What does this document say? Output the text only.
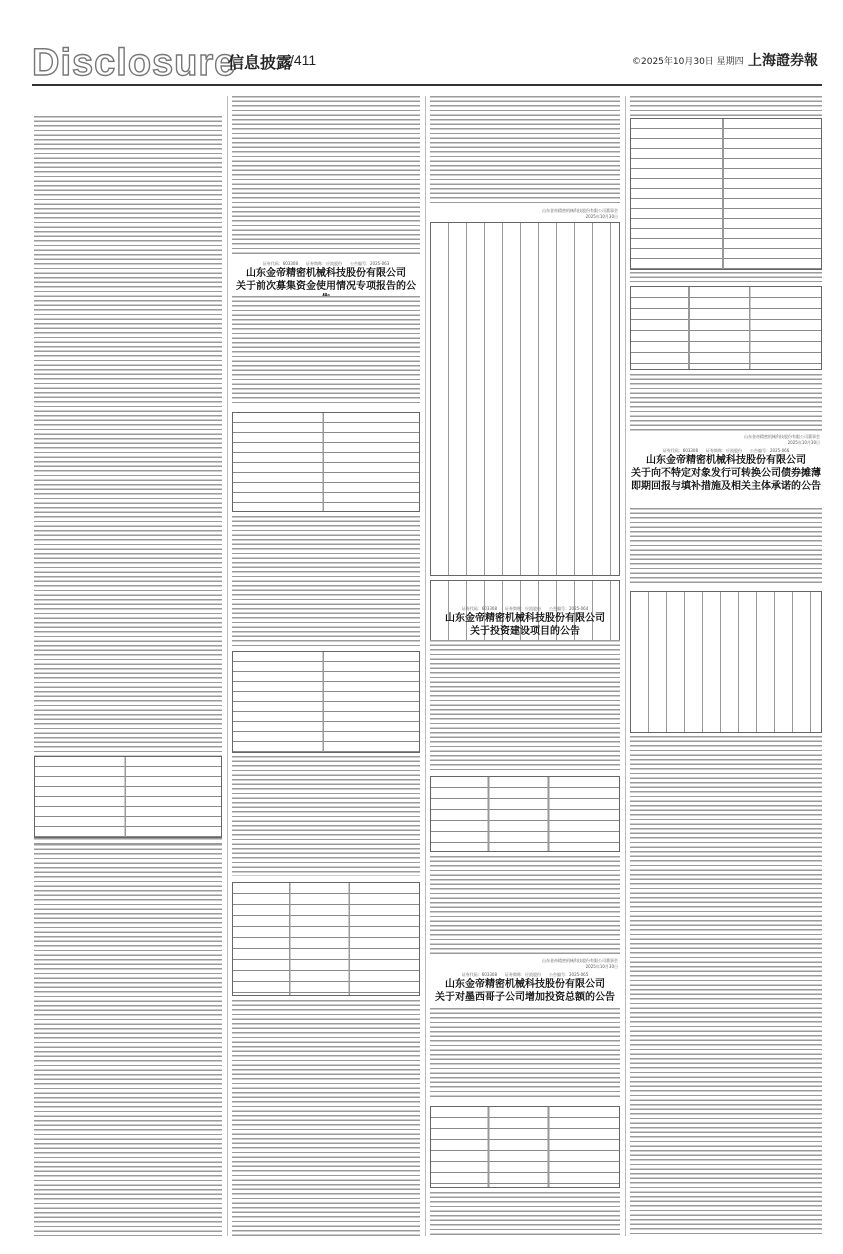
Disclosure
信息披露
/411	©2025年10月30日 星期四 上海證券報
证券代码：603308　　证券简称：应流股份　　公告编号：2025-063
山东金帝精密机械科技股份有限公司
关于前次募集资金使用情况专项报告的公
山东金帝精密机械科技股份有限公司董事会
2025年10月30日
证券代码：603308　　证券简称：应流股份　　公告编号：2025-064
山东金帝精密机械科技股份有限公司
关于投资建设项目的公告
山东金帝精密机械科技股份有限公司董事会
2025年10月30日
证券代码：603308　　证券简称：应流股份　　公告编号：2025-065
山东金帝精密机械科技股份有限公司
关于对墨西哥子公司增加投资总额的公告
山东金帝精密机械科技股份有限公司董事会
2025年10月30日
证券代码：603308　　证券简称：应流股份　　公告编号：2025-066
山东金帝精密机械科技股份有限公司
关于向不特定对象发行可转换公司债券摊薄即期回报与填补措施及相关主体承诺的公告
